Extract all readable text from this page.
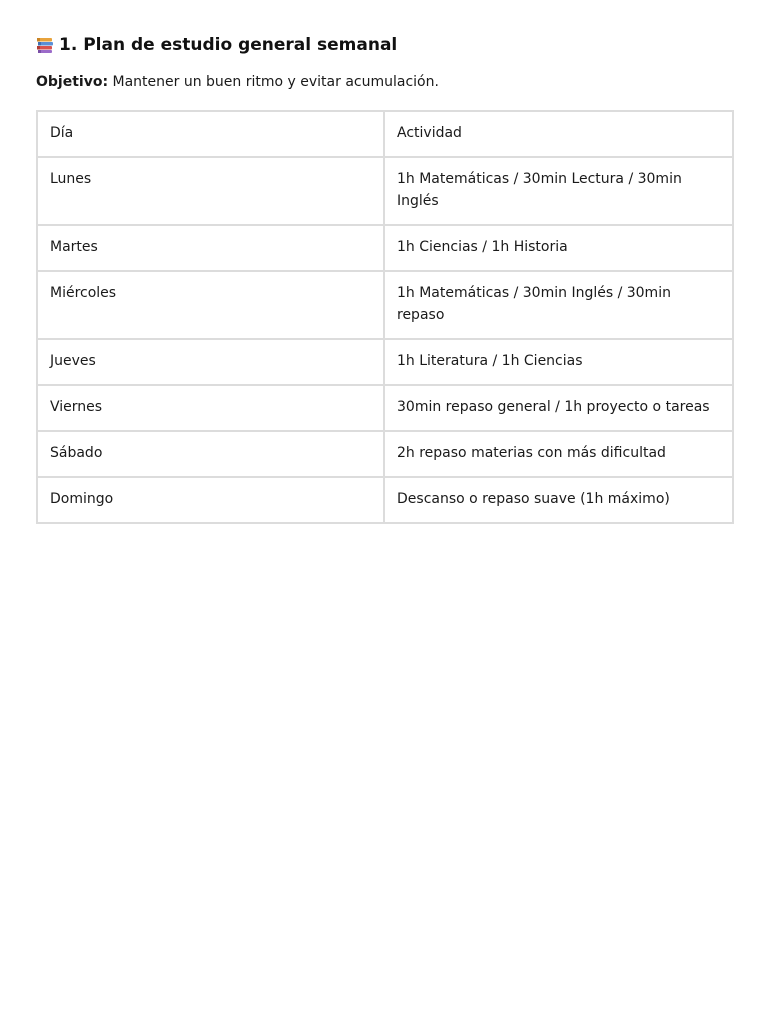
1. Plan de estudio general semanal
Objetivo: Mantener un buen ritmo y evitar acumulación.
Día	Actividad
Lunes	1h Matemáticas / 30min Lectura / 30min Inglés
Martes	1h Ciencias / 1h Historia
Miércoles	1h Matemáticas / 30min Inglés / 30min repaso
Jueves	1h Literatura / 1h Ciencias
Viernes	30min repaso general / 1h proyecto o tareas
Sábado	2h repaso materias con más dificultad
Domingo	Descanso o repaso suave (1h máximo)
